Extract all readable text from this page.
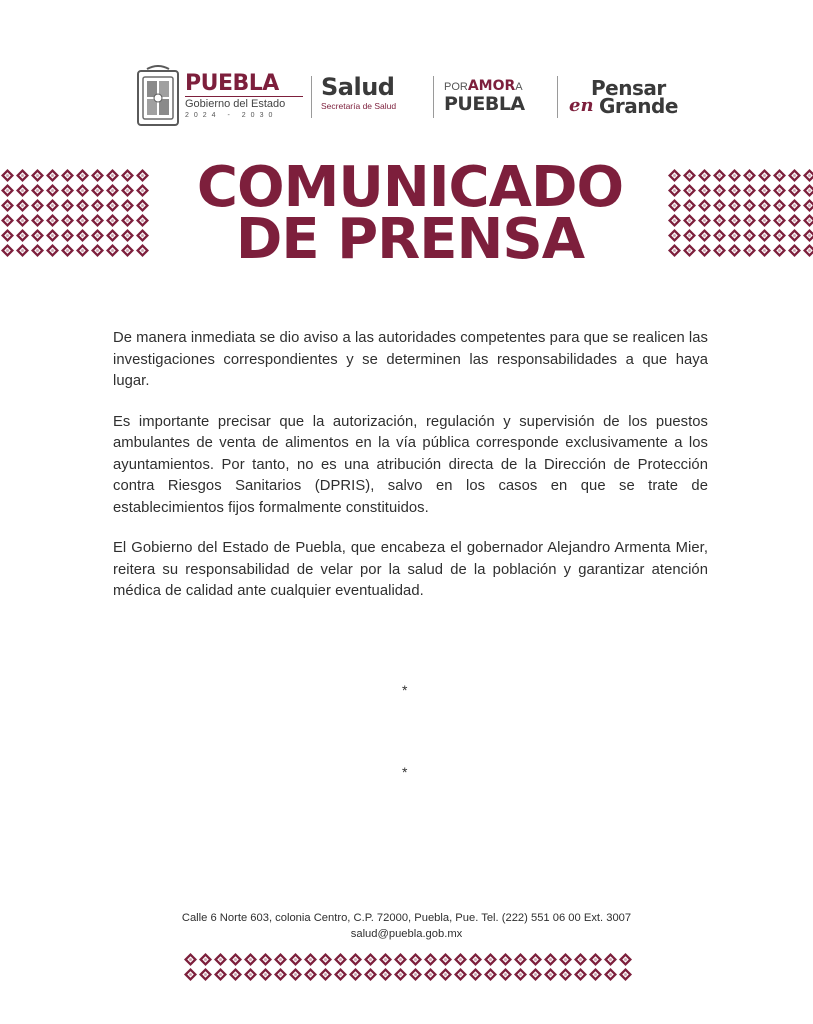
PUEBLA
Gobierno del Estado
2024 - 2030
Salud
Secretaría de Salud
PORAMORA
PUEBLA
Pensar
en Grande
COMUNICADO
DE PRENSA

De manera inmediata se dio aviso a las autoridades competentes para que se realicen las investigaciones correspondientes y se determinen las responsabilidades a que haya lugar.

Es importante precisar que la autorización, regulación y supervisión de los puestos ambulantes de venta de alimentos en la vía pública corresponde exclusivamente a los ayuntamientos. Por tanto, no es una atribución directa de la Dirección de Protección contra Riesgos Sanitarios (DPRIS), salvo en los casos en que se trate de establecimientos fijos formalmente constituidos.

El Gobierno del Estado de Puebla, que encabeza el gobernador Alejandro Armenta Mier, reitera su responsabilidad de velar por la salud de la población y garantizar atención médica de calidad ante cualquier eventualidad.

*
*
Calle 6 Norte 603, colonia Centro, C.P. 72000, Puebla, Pue. Tel. (222) 551 06 00 Ext. 3007
salud@puebla.gob.mx
